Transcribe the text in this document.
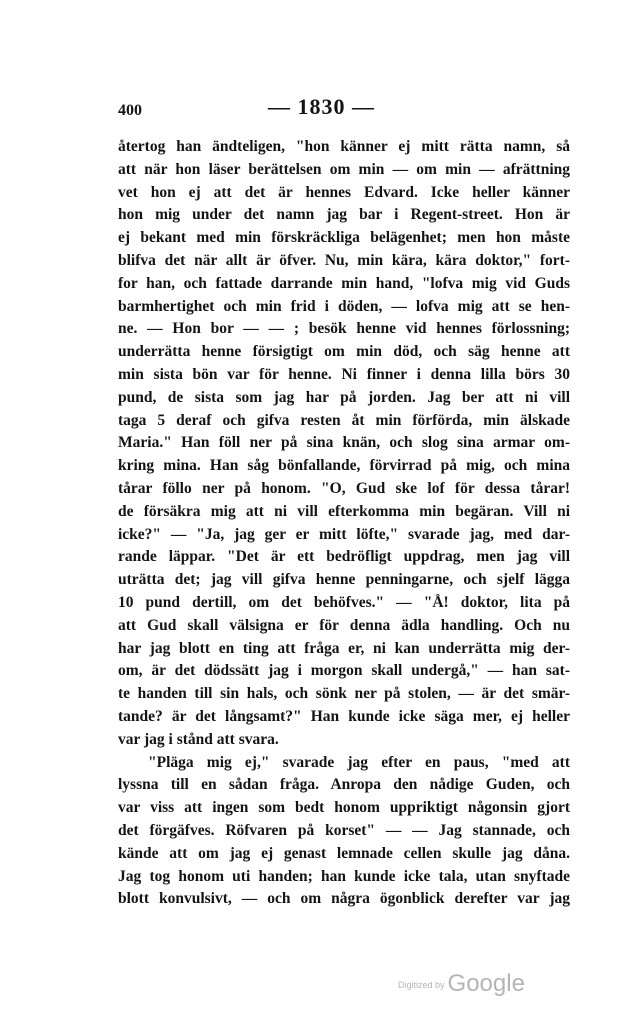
400	— 1830 —
återtog han ändteligen, "hon känner ej mitt rätta namn, så
att när hon läser berättelsen om min — om min — afrättning
vet hon ej att det är hennes Edvard. Icke heller känner
hon mig under det namn jag bar i Regent-street. Hon är
ej bekant med min förskräckliga belägenhet; men hon måste
blifva det när allt är öfver. Nu, min kära, kära doktor," fort-
for han, och fattade darrande min hand, "lofva mig vid Guds
barmhertighet och min frid i döden, — lofva mig att se hen-
ne. — Hon bor — — ; besök henne vid hennes förlossning;
underrätta henne försigtigt om min död, och säg henne att
min sista bön var för henne. Ni finner i denna lilla börs 30
pund, de sista som jag har på jorden. Jag ber att ni vill
taga 5 deraf och gifva resten åt min förförda, min älskade
Maria." Han föll ner på sina knän, och slog sina armar om-
kring mina. Han såg bönfallande, förvirrad på mig, och mina
tårar föllo ner på honom. "O, Gud ske lof för dessa tårar!
de försäkra mig att ni vill efterkomma min begäran. Vill ni
icke?" — "Ja, jag ger er mitt löfte," svarade jag, med dar-
rande läppar. "Det är ett bedröfligt uppdrag, men jag vill
uträtta det; jag vill gifva henne penningarne, och sjelf lägga
10 pund dertill, om det behöfves." — "Å! doktor, lita på
att Gud skall välsigna er för denna ädla handling. Och nu
har jag blott en ting att fråga er, ni kan underrätta mig der-
om, är det dödssätt jag i morgon skall undergå," — han sat-
te handen till sin hals, och sönk ner på stolen, — är det smär-
tande? är det långsamt?" Han kunde icke säga mer, ej heller
var jag i stånd att svara.
"Pläga mig ej," svarade jag efter en paus, "med att
lyssna till en sådan fråga. Anropa den nådige Guden, och
var viss att ingen som bedt honom uppriktigt någonsin gjort
det förgäfves. Röfvaren på korset" — — Jag stannade, och
kände att om jag ej genast lemnade cellen skulle jag dåna.
Jag tog honom uti handen; han kunde icke tala, utan snyftade
blott konvulsivt, — och om några ögonblick derefter var jag
Digitized by Google
